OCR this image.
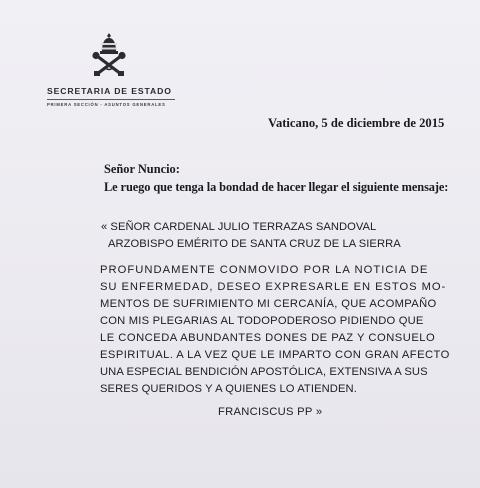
SECRETARIA DE ESTADO
PRIMERA SECCIÓN - ASUNTOS GENERALES
Vaticano, 5 de diciembre de 2015
Señor Nuncio:
Le ruego que tenga la bondad de hacer llegar el siguiente mensaje:
« SEÑOR CARDENAL JULIO TERRAZAS SANDOVAL
ARZOBISPO EMÉRITO DE SANTA CRUZ DE LA SIERRA
PROFUNDAMENTE CONMOVIDO POR LA NOTICIA DE
SU ENFERMEDAD, DESEO EXPRESARLE EN ESTOS MO-
MENTOS DE SUFRIMIENTO MI CERCANÍA, QUE ACOMPAÑO
CON MIS PLEGARIAS AL TODOPODEROSO PIDIENDO QUE
LE CONCEDA ABUNDANTES DONES DE PAZ Y CONSUELO
ESPIRITUAL. A LA VEZ QUE LE IMPARTO CON GRAN AFECTO
UNA ESPECIAL BENDICIÓN APOSTÓLICA, EXTENSIVA A SUS
SERES QUERIDOS Y A QUIENES LO ATIENDEN.
FRANCISCUS PP »
